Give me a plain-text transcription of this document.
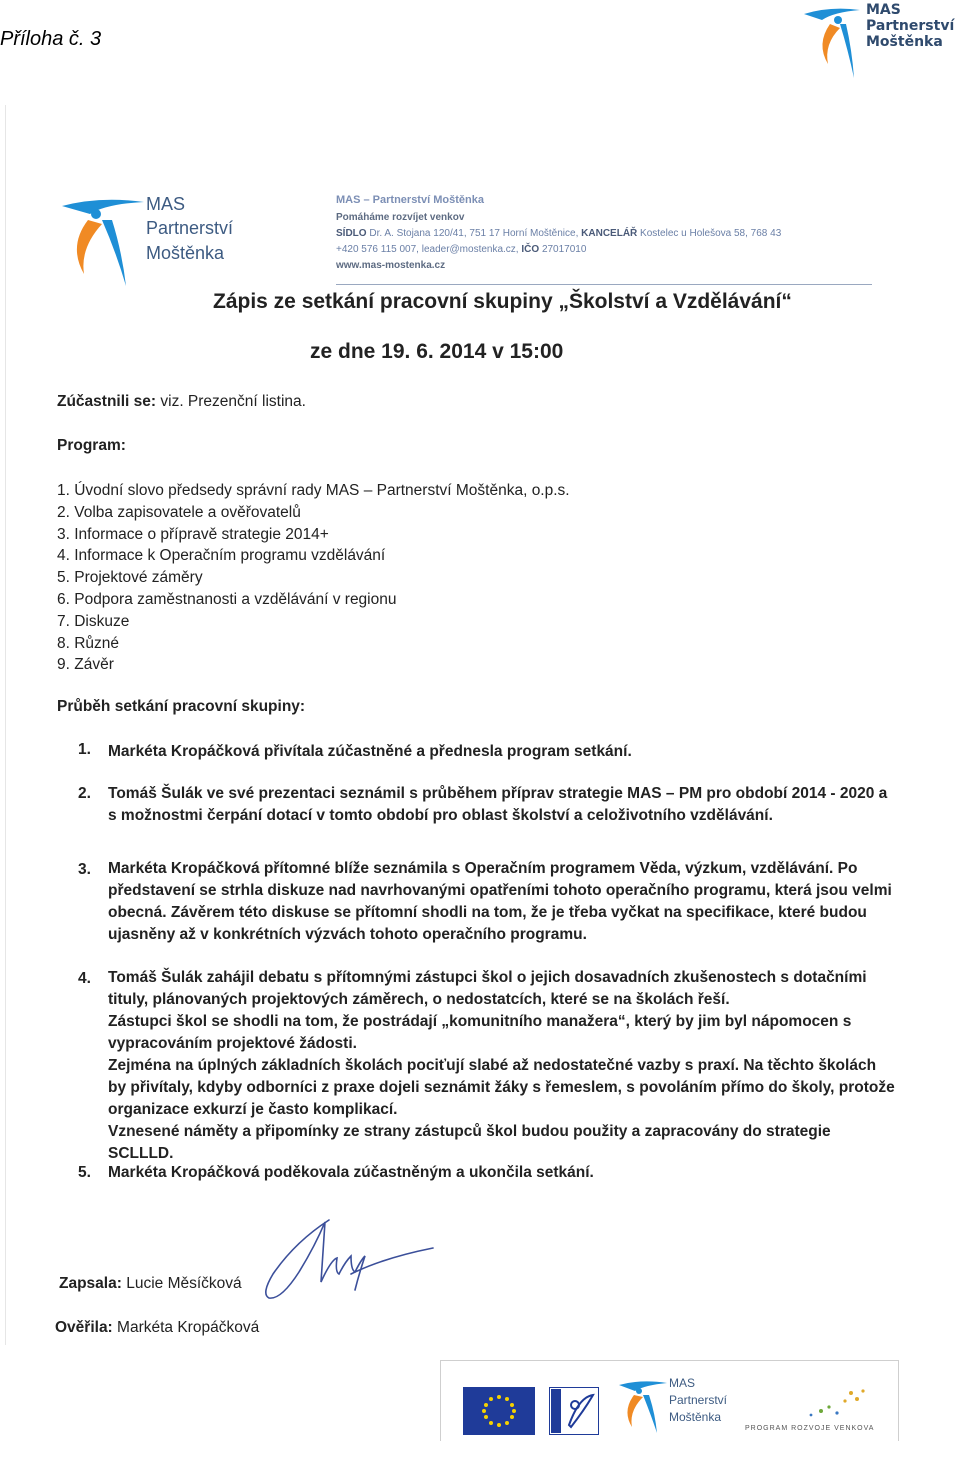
Příloha č. 3
MAS
Partnerství
Moštěnka
MAS
Partnerství
Moštěnka
MAS – Partnerství Moštěnka
Pomáháme rozvíjet venkov
SÍDLO Dr. A. Stojana 120/41, 751 17 Horní Moštěnice, KANCELÁŘ Kostelec u Holešova 58, 768 43
+420 576 115 007, leader@mostenka.cz, IČO 27017010
www.mas-mostenka.cz
Zápis ze setkání pracovní skupiny „Školství a Vzdělávání“
ze dne 19. 6. 2014 v 15:00
Zúčastnili se: viz. Prezenční listina.
Program:
1. Úvodní slovo předsedy správní rady MAS – Partnerství Moštěnka, o.p.s.
2. Volba zapisovatele a ověřovatelů
3. Informace o přípravě strategie 2014+
4. Informace k Operačním programu vzdělávání
5. Projektové záměry
6. Podpora zaměstnanosti a vzdělávání v regionu
7. Diskuze
8. Různé
9. Závěr
Průběh setkání pracovní skupiny:
1. Markéta Kropáčková přivítala zúčastněné a přednesla program setkání.
2. Tomáš Šulák ve své prezentaci seznámil s průběhem příprav strategie MAS – PM pro období 2014 - 2020 a s možnostmi čerpání dotací v tomto období pro oblast školství a celoživotního vzdělávání.
3. Markéta Kropáčková přítomné blíže seznámila s Operačním programem Věda, výzkum, vzdělávání. Po představení se strhla diskuze nad navrhovanými opatřeními tohoto operačního programu, která jsou velmi obecná. Závěrem této diskuse se přítomní shodli na tom, že je třeba vyčkat na specifikace, které budou ujasněny až v konkrétních výzvách tohoto operačního programu.
4. Tomáš Šulák zahájil debatu s přítomnými zástupci škol o jejich dosavadních zkušenostech s dotačními tituly, plánovaných projektových záměrech, o nedostatcích, které se na školách řeší.
Zástupci škol se shodli na tom, že postrádají „komunitního manažera“, který by jim byl nápomocen s vypracováním projektové žádosti.
Zejména na úplných základních školách pociťují slabé až nedostatečné vazby s praxí. Na těchto školách by přivítaly, kdyby odborníci z praxe dojeli seznámit žáky s řemeslem, s povoláním přímo do školy, protože organizace exkurzí je často komplikací.
Vznesené náměty a připomínky ze strany zástupců škol budou použity a zapracovány do strategie SCLLLD.
5. Markéta Kropáčková poděkovala zúčastněným a ukončila setkání.
Zapsala: Lucie Měsíčková
Ověřila: Markéta Kropáčková
MAS
Partnerství
Moštěnka
PROGRAM ROZVOJE VENKOVA
